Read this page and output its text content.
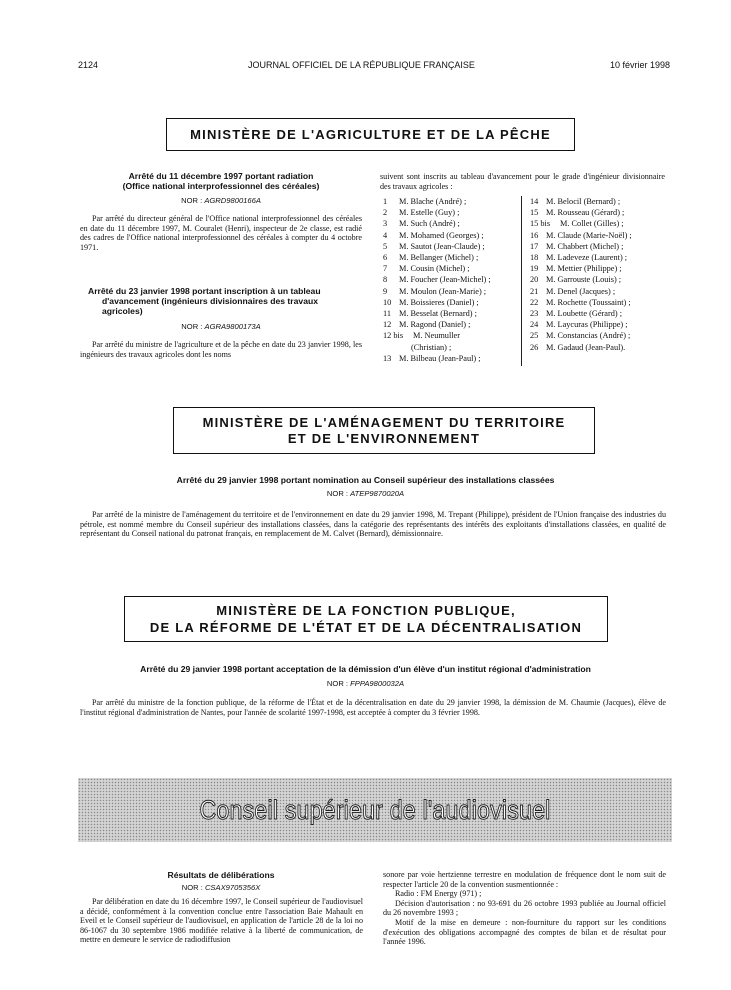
2124	JOURNAL OFFICIEL DE LA RÉPUBLIQUE FRANÇAISE	10 février 1998
MINISTÈRE DE L'AGRICULTURE ET DE LA PÊCHE
Arrêté du 11 décembre 1997 portant radiation
(Office national interprofessionnel des céréales)
NOR : AGRD9800166A
Par arrêté du directeur général de l'Office national interprofessionnel des céréales en date du 11 décembre 1997, M. Couralet (Henri), inspecteur de 2e classe, est radié des cadres de l'Office national interprofessionnel des céréales à compter du 4 octobre 1971.
Arrêté du 23 janvier 1998 portant inscription à un tableau
d'avancement (ingénieurs divisionnaires des travaux
agricoles)
NOR : AGRA9800173A
Par arrêté du ministre de l'agriculture et de la pêche en date du 23 janvier 1998, les ingénieurs des travaux agricoles dont les noms
suivent sont inscrits au tableau d'avancement pour le grade d'ingénieur divisionnaire des travaux agricoles :
1	M. Blache (André) ;
2	M. Estelle (Guy) ;
3	M. Such (André) ;
4	M. Mohamed (Georges) ;
5	M. Sautot (Jean-Claude) ;
6	M. Bellanger (Michel) ;
7	M. Cousin (Michel) ;
8	M. Foucher (Jean-Michel) ;
9	M. Moulon (Jean-Marie) ;
10 M. Boissieres (Daniel) ;
11 M. Besselat (Bernard) ;
12 M. Ragond (Daniel) ;
12 bis	M. Neumuller
(Christian) ;
13 M. Bilbeau (Jean-Paul) ;
14 M. Belocil (Bernard) ;
15 M. Rousseau (Gérard) ;
15 bis	M. Collet (Gilles) ;
16 M. Claude (Marie-Noël) ;
17 M. Chabbert (Michel) ;
18 M. Ladeveze (Laurent) ;
19 M. Mettier (Philippe) ;
20 M. Garrouste (Louis) ;
21 M. Denel (Jacques) ;
22 M. Rochette (Toussaint) ;
23 M. Loubette (Gérard) ;
24 M. Laycuras (Philippe) ;
25 M. Constancias (André) ;
26 M. Gadaud (Jean-Paul).
MINISTÈRE DE L'AMÉNAGEMENT DU TERRITOIRE
ET DE L'ENVIRONNEMENT
Arrêté du 29 janvier 1998 portant nomination au Conseil supérieur des installations classées
NOR : ATEP9870020A
Par arrêté de la ministre de l'aménagement du territoire et de l'environnement en date du 29 janvier 1998, M. Trepant (Philippe), président de l'Union française des industries du pétrole, est nommé membre du Conseil supérieur des installations classées, dans la catégorie des représentants des intérêts des exploitants d'installations classées, en qualité de représentant du Conseil national du patronat français, en remplacement de M. Calvet (Bernard), démissionnaire.
MINISTÈRE DE LA FONCTION PUBLIQUE,
DE LA RÉFORME DE L'ÉTAT ET DE LA DÉCENTRALISATION
Arrêté du 29 janvier 1998 portant acceptation de la démission d'un élève d'un institut régional d'administration
NOR : FPPA9800032A
Par arrêté du ministre de la fonction publique, de la réforme de l'État et de la décentralisation en date du 29 janvier 1998, la démission de M. Chaumie (Jacques), élève de l'institut régional d'administration de Nantes, pour l'année de scolarité 1997-1998, est acceptée à compter du 3 février 1998.
Conseil supérieur de l'audiovisuel
Résultats de délibérations
NOR : CSAX9705356X
Par délibération en date du 16 décembre 1997, le Conseil supérieur de l'audiovisuel a décidé, conformément à la convention conclue entre l'association Baie Mahault en Eveil et le Conseil supérieur de l'audiovisuel, en application de l'article 28 de la loi no 86-1067 du 30 septembre 1986 modifiée relative à la liberté de communication, de mettre en demeure le service de radiodiffusion
sonore par voie hertzienne terrestre en modulation de fréquence dont le nom suit de respecter l'article 20 de la convention susmentionnée :
Radio : FM Energy (971) ;
Décision d'autorisation : no 93-691 du 26 octobre 1993 publiée au Journal officiel du 26 novembre 1993 ;
Motif de la mise en demeure : non-fourniture du rapport sur les conditions d'exécution des obligations accompagné des comptes de bilan et de résultat pour l'année 1996.
